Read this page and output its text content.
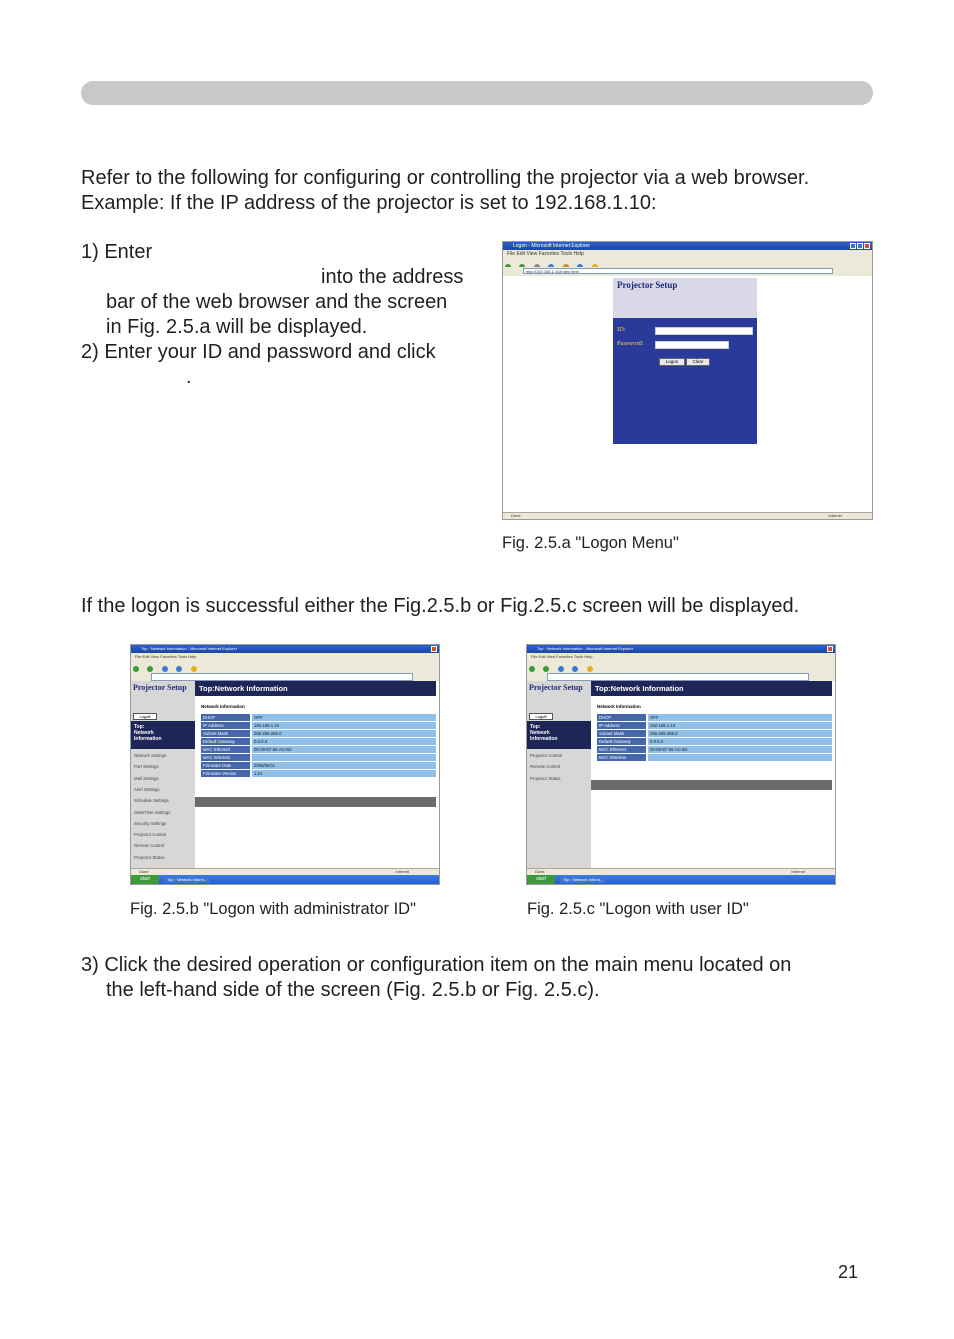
Refer to the following for configuring or controlling the projector via a web browser.
Example: If the IP address of the projector is set to 192.168.1.10:
1) Enter
into the address
bar of the web browser and the screen
in Fig. 2.5.a will be displayed.
2) Enter your ID and password and click
.
Logon - Microsoft Internet Explorer
File Edit View Favorites Tools Help

http://192.168.1.10/index.html
Projector Setup
ID:
Password:
Logon	Clear
Done	Internet
Fig. 2.5.a "Logon Menu"
If the logon is successful either the Fig.2.5.b or Fig.2.5.c screen will be displayed.
Top : Network Information - Microsoft Internet Explorer
File Edit View Favorites Tools Help

Projector Setup
Logoff
Top:
Network
Information
Network Settings
Port Settings
Mail Settings
Alert Settings
Schedule Settings
Date/Time Settings
Security Settings
Projector Control
Remote Control
Projector Status
Top:Network Information
Network Information
DHCP	OFF
IP Address	192.168.1.10
Subnet Mask	255.255.255.0
Default Gateway	0.0.0.0
MAC Ethernet	00-00-87-56-AC-B2
MAC Wireless
Firmware Date	2006/05/11
Firmware Version	1.01
Done	Internet
start	Top : Network Inform...
Fig. 2.5.b "Logon with administrator ID"
Top : Network Information - Microsoft Internet Explorer
File Edit View Favorites Tools Help

Projector Setup
Logoff
Top:
Network
Information
Projector Control
Remote Control
Projector Status
Top:Network Information
Network Information
DHCP	OFF
IP Address	192.168.1.10
Subnet Mask	255.255.255.0
Default Gateway	0.0.0.0
MAC Ethernet	00-00-87-56-AC-B2
MAC Wireless
Done	Internet
start	Top : Network Inform...
Fig. 2.5.c "Logon with user ID"
3) Click the desired operation or configuration item on the main menu located on
the left-hand side of the screen (Fig. 2.5.b or Fig. 2.5.c).
21
